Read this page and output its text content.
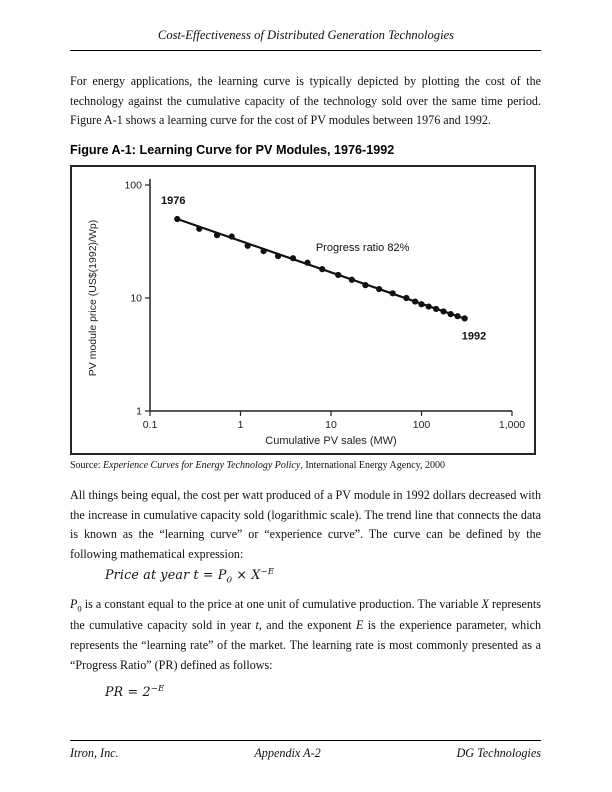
Cost-Effectiveness of Distributed Generation Technologies

For energy applications, the learning curve is typically depicted by plotting the cost of the technology against the cumulative capacity of the technology sold over the same time period. Figure A-1 shows a learning curve for the cost of PV modules between 1976 and 1992.

Figure A-1: Learning Curve for PV Modules, 1976-1992
0.1	1	10	100	1,000
1
10
100
Cumulative PV sales (MW)
PV module price (US$(1992)/Wp)
1976
Progress ratio 82%
1992

Source: Experience Curves for Energy Technology Policy, International Energy Agency, 2000

All things being equal, the cost per watt produced of a PV module in 1992 dollars decreased with the increase in cumulative capacity sold (logarithmic scale). The trend line that connects the data is known as the “learning curve” or “experience curve”. The curve can be defined by the following mathematical expression:

Price at year $t = P_0 \times X^{-E}$

$P_0$ is a constant equal to the price at one unit of cumulative production. The variable X represents the cumulative capacity sold in year t, and the exponent E is the experience parameter, which represents the “learning rate” of the market. The learning rate is most commonly presented as a “Progress Ratio” (PR) defined as follows:

PR = $2^{-E}$
Itron, Inc.	Appendix A-2	DG Technologies
